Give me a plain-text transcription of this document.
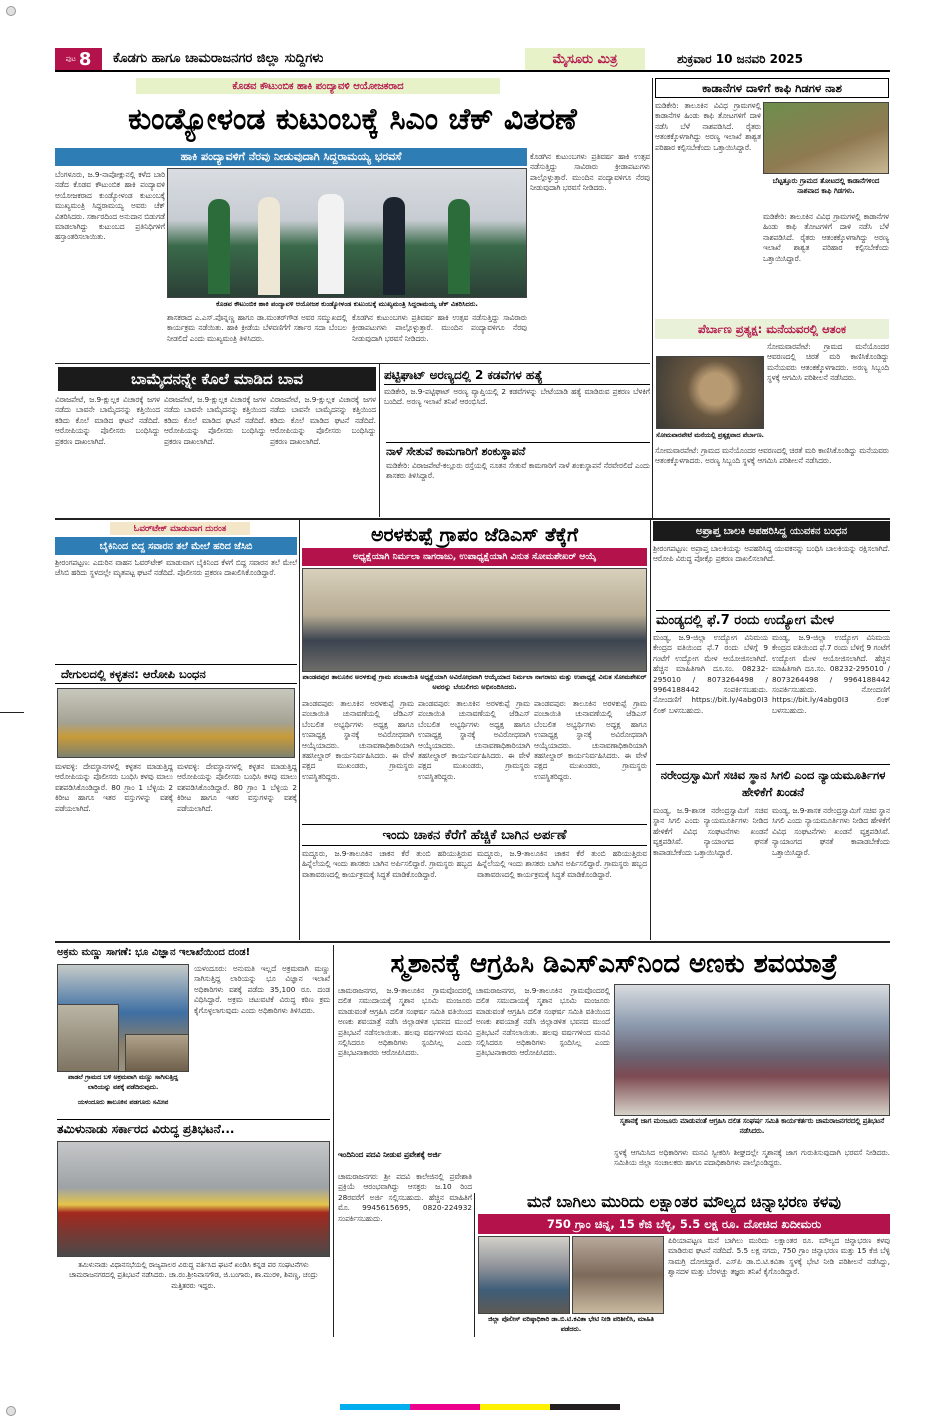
ಪುಟ 8 ಕೊಡಗು ಹಾಗೂ ಚಾಮರಾಜನಗರ ಜಿಲ್ಲಾ ಸುದ್ದಿಗಳು	ಮೈಸೂರು ಮಿತ್ರ	ಶುಕ್ರವಾರ 10 ಜನವರಿ 2025
ಕೊಡವ ಕೌಟುಂಬಿಕ ಹಾಕಿ ಪಂದ್ಯಾವಳಿ ಆಯೋಜಕರಾದ
ಕುಂಡ್ಯೋಳಂಡ ಕುಟುಂಬಕ್ಕೆ ಸಿಎಂ ಚೆಕ್ ವಿತರಣೆ
ಹಾಕಿ ಪಂದ್ಯಾವಳಿಗೆ ನೆರವು ನೀಡುವುದಾಗಿ ಸಿದ್ದರಾಮಯ್ಯ ಭರವಸೆ
ಬೆಂಗಳೂರು, ಜ.9-ನಾಪೋಕ್ಲುನಲ್ಲಿ ಕಳೆದ ಬಾರಿ ನಡೆದ ಕೊಡವ ಕೌಟುಂಬಿಕ ಹಾಕಿ ಪಂದ್ಯಾವಳಿ ಆಯೋಜಕರಾದ ಕುಂಡ್ಯೋಳಂಡ ಕುಟುಂಬಕ್ಕೆ ಮುಖ್ಯಮಂತ್ರಿ ಸಿದ್ದರಾಮಯ್ಯ ಅವರು ಚೆಕ್ ವಿತರಿಸಿದರು. ಸರ್ಕಾರದಿಂದ ಅನುದಾನ ಬಿಡುಗಡೆ ಮಾಡಲಾಗಿದ್ದು ಕುಟುಂಬದ ಪ್ರತಿನಿಧಿಗಳಿಗೆ ಹಸ್ತಾಂತರಿಸಲಾಯಿತು.
ಕೊಡವ ಕೌಟುಂಬಿಕ ಹಾಕಿ ಪಂದ್ಯಾವಳಿ ಆಯೋಜಕ ಕುಂಡ್ಯೋಳಂಡ ಕುಟುಂಬಕ್ಕೆ ಮುಖ್ಯಮಂತ್ರಿ ಸಿದ್ದರಾಮಯ್ಯ ಚೆಕ್ ವಿತರಿಸಿದರು.
ಶಾಸಕರಾದ ಎ.ಎಸ್.ಪೊನ್ನಣ್ಣ ಹಾಗೂ ಡಾ.ಮಂತರ್‌ಗೌಡ ಅವರ ಸಮ್ಮುಖದಲ್ಲಿ ಕಾರ್ಯಕ್ರಮ ನಡೆಯಿತು. ಹಾಕಿ ಕ್ರೀಡೆಯ ಬೆಳವಣಿಗೆಗೆ ಸರ್ಕಾರ ಸದಾ ಬೆಂಬಲ ನೀಡಲಿದೆ ಎಂದು ಮುಖ್ಯಮಂತ್ರಿ ತಿಳಿಸಿದರು.
ಕೊಡಗಿನ ಕುಟುಂಬಗಳು ಪ್ರತಿವರ್ಷ ಹಾಕಿ ಉತ್ಸವ ನಡೆಸುತ್ತಿದ್ದು ಸಾವಿರಾರು ಕ್ರೀಡಾಪಟುಗಳು ಪಾಲ್ಗೊಳ್ಳುತ್ತಾರೆ. ಮುಂದಿನ ಪಂದ್ಯಾವಳಿಗೂ ನೆರವು ನೀಡುವುದಾಗಿ ಭರವಸೆ ನೀಡಿದರು.
ಕೊಡಗಿನ ಕುಟುಂಬಗಳು ಪ್ರತಿವರ್ಷ ಹಾಕಿ ಉತ್ಸವ ನಡೆಸುತ್ತಿದ್ದು ಸಾವಿರಾರು ಕ್ರೀಡಾಪಟುಗಳು ಪಾಲ್ಗೊಳ್ಳುತ್ತಾರೆ. ಮುಂದಿನ ಪಂದ್ಯಾವಳಿಗೂ ನೆರವು ನೀಡುವುದಾಗಿ ಭರವಸೆ ನೀಡಿದರು.
ಕಾಡಾನೆಗಳ ದಾಳಿಗೆ ಕಾಫಿ ಗಿಡಗಳ ನಾಶ
ಮಡಿಕೇರಿ: ತಾಲೂಕಿನ ವಿವಿಧ ಗ್ರಾಮಗಳಲ್ಲಿ ಕಾಡಾನೆಗಳ ಹಿಂಡು ಕಾಫಿ ತೋಟಗಳಿಗೆ ದಾಳಿ ನಡೆಸಿ ಬೆಳೆ ನಾಶಪಡಿಸಿದೆ. ರೈತರು ಆತಂಕಕ್ಕೊಳಗಾಗಿದ್ದು ಅರಣ್ಯ ಇಲಾಖೆ ಶಾಶ್ವತ ಪರಿಹಾರ ಕಲ್ಪಿಸಬೇಕೆಂದು ಒತ್ತಾಯಿಸಿದ್ದಾರೆ.
ಬೆಟ್ಟತ್ತೂರು ಗ್ರಾಮದ ತೋಟದಲ್ಲಿ ಕಾಡಾನೆಗಳಿಂದ ನಾಶವಾದ ಕಾಫಿ ಗಿಡಗಳು.
ಮಡಿಕೇರಿ: ತಾಲೂಕಿನ ವಿವಿಧ ಗ್ರಾಮಗಳಲ್ಲಿ ಕಾಡಾನೆಗಳ ಹಿಂಡು ಕಾಫಿ ತೋಟಗಳಿಗೆ ದಾಳಿ ನಡೆಸಿ ಬೆಳೆ ನಾಶಪಡಿಸಿದೆ. ರೈತರು ಆತಂಕಕ್ಕೊಳಗಾಗಿದ್ದು ಅರಣ್ಯ ಇಲಾಖೆ ಶಾಶ್ವತ ಪರಿಹಾರ ಕಲ್ಪಿಸಬೇಕೆಂದು ಒತ್ತಾಯಿಸಿದ್ದಾರೆ.
ಪೆರ್ಬಾಣ ಪ್ರತ್ಯಕ್ಷ: ಮನೆಯವರಲ್ಲಿ ಆತಂಕ
ಸೋಮವಾರಪೇಟೆ ಮನೆಯಲ್ಲಿ ಪ್ರತ್ಯಕ್ಷವಾದ ಪೆರ್ಬಾಣ.
ಸೋಮವಾರಪೇಟೆ: ಗ್ರಾಮದ ಮನೆಯೊಂದರ ಆವರಣದಲ್ಲಿ ಚಿರತೆ ಮರಿ ಕಾಣಿಸಿಕೊಂಡಿದ್ದು ಮನೆಯವರು ಆತಂಕಕ್ಕೊಳಗಾದರು. ಅರಣ್ಯ ಸಿಬ್ಬಂದಿ ಸ್ಥಳಕ್ಕೆ ಆಗಮಿಸಿ ಪರಿಶೀಲನೆ ನಡೆಸಿದರು.
ಸೋಮವಾರಪೇಟೆ: ಗ್ರಾಮದ ಮನೆಯೊಂದರ ಆವರಣದಲ್ಲಿ ಚಿರತೆ ಮರಿ ಕಾಣಿಸಿಕೊಂಡಿದ್ದು ಮನೆಯವರು ಆತಂಕಕ್ಕೊಳಗಾದರು. ಅರಣ್ಯ ಸಿಬ್ಬಂದಿ ಸ್ಥಳಕ್ಕೆ ಆಗಮಿಸಿ ಪರಿಶೀಲನೆ ನಡೆಸಿದರು.
ಬಾಮೈದನನ್ನೇ ಕೊಲೆ ಮಾಡಿದ ಬಾವ
ವಿರಾಜಪೇಟೆ, ಜ.9-ಕ್ಷುಲ್ಲಕ ವಿಚಾರಕ್ಕೆ ಜಗಳ ನಡೆದು ಬಾವನೇ ಬಾಮೈದನನ್ನು ಕತ್ತಿಯಿಂದ ಕಡಿದು ಕೊಲೆ ಮಾಡಿದ ಘಟನೆ ನಡೆದಿದೆ. ಆರೋಪಿಯನ್ನು ಪೊಲೀಸರು ಬಂಧಿಸಿದ್ದು ಪ್ರಕರಣ ದಾಖಲಾಗಿದೆ.
ವಿರಾಜಪೇಟೆ, ಜ.9-ಕ್ಷುಲ್ಲಕ ವಿಚಾರಕ್ಕೆ ಜಗಳ ನಡೆದು ಬಾವನೇ ಬಾಮೈದನನ್ನು ಕತ್ತಿಯಿಂದ ಕಡಿದು ಕೊಲೆ ಮಾಡಿದ ಘಟನೆ ನಡೆದಿದೆ. ಆರೋಪಿಯನ್ನು ಪೊಲೀಸರು ಬಂಧಿಸಿದ್ದು ಪ್ರಕರಣ ದಾಖಲಾಗಿದೆ.
ವಿರಾಜಪೇಟೆ, ಜ.9-ಕ್ಷುಲ್ಲಕ ವಿಚಾರಕ್ಕೆ ಜಗಳ ನಡೆದು ಬಾವನೇ ಬಾಮೈದನನ್ನು ಕತ್ತಿಯಿಂದ ಕಡಿದು ಕೊಲೆ ಮಾಡಿದ ಘಟನೆ ನಡೆದಿದೆ. ಆರೋಪಿಯನ್ನು ಪೊಲೀಸರು ಬಂಧಿಸಿದ್ದು ಪ್ರಕರಣ ದಾಖಲಾಗಿದೆ.
ಪಟ್ಟಿಘಾಟ್ ಅರಣ್ಯದಲ್ಲಿ 2 ಕಡವೆಗಳ ಹತ್ಯೆ
ಮಡಿಕೇರಿ, ಜ.9-ಪಟ್ಟಿಘಾಟ್ ಅರಣ್ಯ ವ್ಯಾಪ್ತಿಯಲ್ಲಿ 2 ಕಡವೆಗಳನ್ನು ಬೇಟೆಯಾಡಿ ಹತ್ಯೆ ಮಾಡಿರುವ ಪ್ರಕರಣ ಬೆಳಕಿಗೆ ಬಂದಿದೆ. ಅರಣ್ಯ ಇಲಾಖೆ ತನಿಖೆ ಆರಂಭಿಸಿದೆ.
ನಾಳೆ ಸೇತುವೆ ಕಾಮಗಾರಿಗೆ ಶಂಕುಸ್ಥಾಪನೆ
ಮಡಿಕೇರಿ: ವಿರಾಜಪೇಟೆ-ಕಲ್ಲೂರು ರಸ್ತೆಯಲ್ಲಿ ನೂತನ ಸೇತುವೆ ಕಾಮಗಾರಿಗೆ ನಾಳೆ ಶಂಕುಸ್ಥಾಪನೆ ನೆರವೇರಲಿದೆ ಎಂದು ಶಾಸಕರು ತಿಳಿಸಿದ್ದಾರೆ.
ಓವರ್‌ಟೇಕ್ ಮಾಡುವಾಗ ದುರಂತ
ಬೈಕಿನಿಂದ ಬಿದ್ದ ಸವಾರನ ತಲೆ ಮೇಲೆ ಹರಿದ ಜೆಸಿಬಿ
ಶ್ರೀರಂಗಪಟ್ಟಣ: ಎದುರಿನ ವಾಹನ ಓವರ್‌ಟೇಕ್ ಮಾಡುವಾಗ ಬೈಕಿನಿಂದ ಕೆಳಗೆ ಬಿದ್ದ ಸವಾರನ ತಲೆ ಮೇಲೆ ಜೆಸಿಬಿ ಹರಿದು ಸ್ಥಳದಲ್ಲೇ ಮೃತಪಟ್ಟ ಘಟನೆ ನಡೆದಿದೆ. ಪೊಲೀಸರು ಪ್ರಕರಣ ದಾಖಲಿಸಿಕೊಂಡಿದ್ದಾರೆ.
ದೇಗುಲದಲ್ಲಿ ಕಳ್ಳತನ: ಆರೋಪಿ ಬಂಧನ
ಮಳವಳ್ಳಿ: ದೇವಸ್ಥಾನಗಳಲ್ಲಿ ಕಳ್ಳತನ ಮಾಡುತ್ತಿದ್ದ ಆರೋಪಿಯನ್ನು ಪೊಲೀಸರು ಬಂಧಿಸಿ ಕಳವು ಮಾಲು ವಶಪಡಿಸಿಕೊಂಡಿದ್ದಾರೆ. 80 ಗ್ರಾಂ 1 ಬೆಳ್ಳಿಯ 2 ಕಿರೀಟ ಹಾಗೂ ಇತರ ವಸ್ತುಗಳನ್ನು ವಶಕ್ಕೆ ಪಡೆಯಲಾಗಿದೆ.
ಮಳವಳ್ಳಿ: ದೇವಸ್ಥಾನಗಳಲ್ಲಿ ಕಳ್ಳತನ ಮಾಡುತ್ತಿದ್ದ ಆರೋಪಿಯನ್ನು ಪೊಲೀಸರು ಬಂಧಿಸಿ ಕಳವು ಮಾಲು ವಶಪಡಿಸಿಕೊಂಡಿದ್ದಾರೆ. 80 ಗ್ರಾಂ 1 ಬೆಳ್ಳಿಯ 2 ಕಿರೀಟ ಹಾಗೂ ಇತರ ವಸ್ತುಗಳನ್ನು ವಶಕ್ಕೆ ಪಡೆಯಲಾಗಿದೆ.
ಅರಳಕುಪ್ಪೆ ಗ್ರಾಪಂ ಜೆಡಿಎಸ್ ತೆಕ್ಕೆಗೆ
ಅಧ್ಯಕ್ಷೆಯಾಗಿ ನಿರ್ಮಲಾ ನಾಗರಾಜು, ಉಪಾಧ್ಯಕ್ಷೆಯಾಗಿ ವಿನುತ ಸೋಮಶೇಖರ್ ಆಯ್ಕೆ
ಪಾಂಡವಪುರ ತಾಲೂಕಿನ ಅರಳಕುಪ್ಪೆ ಗ್ರಾಮ ಪಂಚಾಯಿತಿ ಅಧ್ಯಕ್ಷೆಯಾಗಿ ಅವಿರೋಧವಾಗಿ ಆಯ್ಕೆಯಾದ ನಿರ್ಮಲಾ ನಾಗರಾಜು ಮತ್ತು ಉಪಾಧ್ಯಕ್ಷೆ ವಿನುತ ಸೋಮಶೇಖರ್ ಅವರನ್ನು ಬೆಂಬಲಿಗರು ಅಭಿನಂದಿಸಿದರು.
ಪಾಂಡವಪುರ: ತಾಲೂಕಿನ ಅರಳಕುಪ್ಪೆ ಗ್ರಾಮ ಪಂಚಾಯಿತಿ ಚುನಾವಣೆಯಲ್ಲಿ ಜೆಡಿಎಸ್ ಬೆಂಬಲಿತ ಅಭ್ಯರ್ಥಿಗಳು ಅಧ್ಯಕ್ಷ ಹಾಗೂ ಉಪಾಧ್ಯಕ್ಷ ಸ್ಥಾನಕ್ಕೆ ಅವಿರೋಧವಾಗಿ ಆಯ್ಕೆಯಾದರು. ಚುನಾವಣಾಧಿಕಾರಿಯಾಗಿ ತಹಸೀಲ್ದಾರ್ ಕಾರ್ಯನಿರ್ವಹಿಸಿದರು. ಈ ವೇಳೆ ಪಕ್ಷದ ಮುಖಂಡರು, ಗ್ರಾಮಸ್ಥರು ಉಪಸ್ಥಿತರಿದ್ದರು.
ಪಾಂಡವಪುರ: ತಾಲೂಕಿನ ಅರಳಕುಪ್ಪೆ ಗ್ರಾಮ ಪಂಚಾಯಿತಿ ಚುನಾವಣೆಯಲ್ಲಿ ಜೆಡಿಎಸ್ ಬೆಂಬಲಿತ ಅಭ್ಯರ್ಥಿಗಳು ಅಧ್ಯಕ್ಷ ಹಾಗೂ ಉಪಾಧ್ಯಕ್ಷ ಸ್ಥಾನಕ್ಕೆ ಅವಿರೋಧವಾಗಿ ಆಯ್ಕೆಯಾದರು. ಚುನಾವಣಾಧಿಕಾರಿಯಾಗಿ ತಹಸೀಲ್ದಾರ್ ಕಾರ್ಯನಿರ್ವಹಿಸಿದರು. ಈ ವೇಳೆ ಪಕ್ಷದ ಮುಖಂಡರು, ಗ್ರಾಮಸ್ಥರು ಉಪಸ್ಥಿತರಿದ್ದರು.
ಪಾಂಡವಪುರ: ತಾಲೂಕಿನ ಅರಳಕುಪ್ಪೆ ಗ್ರಾಮ ಪಂಚಾಯಿತಿ ಚುನಾವಣೆಯಲ್ಲಿ ಜೆಡಿಎಸ್ ಬೆಂಬಲಿತ ಅಭ್ಯರ್ಥಿಗಳು ಅಧ್ಯಕ್ಷ ಹಾಗೂ ಉಪಾಧ್ಯಕ್ಷ ಸ್ಥಾನಕ್ಕೆ ಅವಿರೋಧವಾಗಿ ಆಯ್ಕೆಯಾದರು. ಚುನಾವಣಾಧಿಕಾರಿಯಾಗಿ ತಹಸೀಲ್ದಾರ್ ಕಾರ್ಯನಿರ್ವಹಿಸಿದರು. ಈ ವೇಳೆ ಪಕ್ಷದ ಮುಖಂಡರು, ಗ್ರಾಮಸ್ಥರು ಉಪಸ್ಥಿತರಿದ್ದರು.
ಇಂದು ಚಾಕನ ಕೆರೆಗೆ ಹೆಚ್ಚಿಕೆ ಬಾಗಿನ ಅರ್ಪಣೆ
ಮದ್ದೂರು, ಜ.9-ತಾಲೂಕಿನ ಚಾಕನ ಕೆರೆ ತುಂಬಿ ಹರಿಯುತ್ತಿರುವ ಹಿನ್ನೆಲೆಯಲ್ಲಿ ಇಂದು ಶಾಸಕರು ಬಾಗಿನ ಅರ್ಪಿಸಲಿದ್ದಾರೆ. ಗ್ರಾಮಸ್ಥರು ಹಬ್ಬದ ವಾತಾವರಣದಲ್ಲಿ ಕಾರ್ಯಕ್ರಮಕ್ಕೆ ಸಿದ್ಧತೆ ಮಾಡಿಕೊಂಡಿದ್ದಾರೆ.
ಮದ್ದೂರು, ಜ.9-ತಾಲೂಕಿನ ಚಾಕನ ಕೆರೆ ತುಂಬಿ ಹರಿಯುತ್ತಿರುವ ಹಿನ್ನೆಲೆಯಲ್ಲಿ ಇಂದು ಶಾಸಕರು ಬಾಗಿನ ಅರ್ಪಿಸಲಿದ್ದಾರೆ. ಗ್ರಾಮಸ್ಥರು ಹಬ್ಬದ ವಾತಾವರಣದಲ್ಲಿ ಕಾರ್ಯಕ್ರಮಕ್ಕೆ ಸಿದ್ಧತೆ ಮಾಡಿಕೊಂಡಿದ್ದಾರೆ.
ಅಪ್ರಾಪ್ತ ಬಾಲಕಿ ಅಪಹರಿಸಿದ್ದ ಯುವಕನ ಬಂಧನ
ಶ್ರೀರಂಗಪಟ್ಟಣ: ಅಪ್ರಾಪ್ತ ಬಾಲಕಿಯನ್ನು ಅಪಹರಿಸಿದ್ದ ಯುವಕನನ್ನು ಬಂಧಿಸಿ ಬಾಲಕಿಯನ್ನು ರಕ್ಷಿಸಲಾಗಿದೆ. ಆರೋಪಿ ವಿರುದ್ಧ ಪೋಕ್ಸೊ ಪ್ರಕರಣ ದಾಖಲಿಸಲಾಗಿದೆ.
ಮಂಡ್ಯದಲ್ಲಿ ಫೆ.7 ರಂದು ಉದ್ಯೋಗ ಮೇಳ
ಮಂಡ್ಯ, ಜ.9-ಜಿಲ್ಲಾ ಉದ್ಯೋಗ ವಿನಿಮಯ ಕೇಂದ್ರದ ವತಿಯಿಂದ ಫೆ.7 ರಂದು ಬೆಳಿಗ್ಗೆ 9 ಗಂಟೆಗೆ ಉದ್ಯೋಗ ಮೇಳ ಆಯೋಜಿಸಲಾಗಿದೆ. ಹೆಚ್ಚಿನ ಮಾಹಿತಿಗಾಗಿ ದೂ.ಸಂ. 08232-295010 / 8073264498 / 9964188442 ಸಂಪರ್ಕಿಸಬಹುದು. ನೋಂದಣಿಗೆ https://bit.ly/4abg0I3 ಲಿಂಕ್ ಬಳಸಬಹುದು.
ಮಂಡ್ಯ, ಜ.9-ಜಿಲ್ಲಾ ಉದ್ಯೋಗ ವಿನಿಮಯ ಕೇಂದ್ರದ ವತಿಯಿಂದ ಫೆ.7 ರಂದು ಬೆಳಿಗ್ಗೆ 9 ಗಂಟೆಗೆ ಉದ್ಯೋಗ ಮೇಳ ಆಯೋಜಿಸಲಾಗಿದೆ. ಹೆಚ್ಚಿನ ಮಾಹಿತಿಗಾಗಿ ದೂ.ಸಂ. 08232-295010 / 8073264498 / 9964188442 ಸಂಪರ್ಕಿಸಬಹುದು. ನೋಂದಣಿಗೆ https://bit.ly/4abg0I3 ಲಿಂಕ್ ಬಳಸಬಹುದು.
ನರೇಂದ್ರಸ್ವಾಮಿಗೆ ಸಚಿವ ಸ್ಥಾನ ಸಿಗಲಿ ಎಂದ ನ್ಯಾಯಮೂರ್ತಿಗಳ ಹೇಳಿಕೆಗೆ ಖಂಡನೆ
ಮಂಡ್ಯ, ಜ.9-ಶಾಸಕ ನರೇಂದ್ರಸ್ವಾಮಿಗೆ ಸಚಿವ ಸ್ಥಾನ ಸಿಗಲಿ ಎಂದು ನ್ಯಾಯಮೂರ್ತಿಗಳು ನೀಡಿದ ಹೇಳಿಕೆಗೆ ವಿವಿಧ ಸಂಘಟನೆಗಳು ಖಂಡನೆ ವ್ಯಕ್ತಪಡಿಸಿವೆ. ನ್ಯಾಯಾಂಗದ ಘನತೆ ಕಾಪಾಡಬೇಕೆಂದು ಒತ್ತಾಯಿಸಿದ್ದಾರೆ.
ಮಂಡ್ಯ, ಜ.9-ಶಾಸಕ ನರೇಂದ್ರಸ್ವಾಮಿಗೆ ಸಚಿವ ಸ್ಥಾನ ಸಿಗಲಿ ಎಂದು ನ್ಯಾಯಮೂರ್ತಿಗಳು ನೀಡಿದ ಹೇಳಿಕೆಗೆ ವಿವಿಧ ಸಂಘಟನೆಗಳು ಖಂಡನೆ ವ್ಯಕ್ತಪಡಿಸಿವೆ. ನ್ಯಾಯಾಂಗದ ಘನತೆ ಕಾಪಾಡಬೇಕೆಂದು ಒತ್ತಾಯಿಸಿದ್ದಾರೆ.
ಅಕ್ರಮ ಮಣ್ಣು ಸಾಗಣೆ: ಭೂ ವಿಜ್ಞಾನ ಇಲಾಖೆಯಿಂದ ದಂಡ!
ಪಾಡಲೆ ಗ್ರಾಮದ ಬಳಿ ಅಕ್ರಮವಾಗಿ ಮಣ್ಣು ಸಾಗಿಸುತ್ತಿದ್ದ ಲಾರಿಯನ್ನು ವಶಕ್ಕೆ ಪಡೆದಿರುವುದು.
ಯಳಂದೂರು ತಾಲೂಕಿನ ಪಡಗೂರು ಸಮೀಪ
ಯಳಂದೂರು: ಅನುಮತಿ ಇಲ್ಲದೆ ಅಕ್ರಮವಾಗಿ ಮಣ್ಣು ಸಾಗಿಸುತ್ತಿದ್ದ ಲಾರಿಯನ್ನು ಭೂ ವಿಜ್ಞಾನ ಇಲಾಖೆ ಅಧಿಕಾರಿಗಳು ವಶಕ್ಕೆ ಪಡೆದು 35,100 ರೂ. ದಂಡ ವಿಧಿಸಿದ್ದಾರೆ. ಅಕ್ರಮ ಚಟುವಟಿಕೆ ವಿರುದ್ಧ ಕಠಿಣ ಕ್ರಮ ಕೈಗೊಳ್ಳಲಾಗುವುದು ಎಂದು ಅಧಿಕಾರಿಗಳು ತಿಳಿಸಿದರು.
ತಮಿಳುನಾಡು ಸರ್ಕಾರದ ವಿರುದ್ಧ ಪ್ರತಿಭಟನೆ...
ತಮಿಳುನಾಡು ವಿಧಾನಸಭೆಯಲ್ಲಿ ರಾಜ್ಯಪಾಲರ ವಿರುದ್ಧ ವರ್ತಿಸಿದ ಘಟನೆ ಖಂಡಿಸಿ ಕನ್ನಡ ಪರ ಸಂಘಟನೆಗಳು ಚಾಮರಾಜನಗರದಲ್ಲಿ ಪ್ರತಿಭಟನೆ ನಡೆಸಿದರು. ಚಾ.ರಂ.ಶ್ರೀನಿವಾಸಗೌಡ, ಜಿ.ಬಂಗಾರು, ಶಾ.ಮುರಳಿ, ಶಿವಣ್ಣ, ಚಂದ್ರು ಮತ್ತಿತರರು ಇದ್ದರು.
ಸ್ಮಶಾನಕ್ಕೆ ಆಗ್ರಹಿಸಿ ಡಿಎಸ್‌ಎಸ್‌ನಿಂದ ಅಣಕು ಶವಯಾತ್ರೆ
ಚಾಮರಾಜನಗರ, ಜ.9-ತಾಲೂಕಿನ ಗ್ರಾಮವೊಂದರಲ್ಲಿ ದಲಿತ ಸಮುದಾಯಕ್ಕೆ ಸ್ಮಶಾನ ಭೂಮಿ ಮಂಜೂರು ಮಾಡುವಂತೆ ಆಗ್ರಹಿಸಿ ದಲಿತ ಸಂಘರ್ಷ ಸಮಿತಿ ವತಿಯಿಂದ ಅಣಕು ಶವಯಾತ್ರೆ ನಡೆಸಿ ಜಿಲ್ಲಾಡಳಿತ ಭವನದ ಮುಂದೆ ಪ್ರತಿಭಟನೆ ನಡೆಸಲಾಯಿತು. ಹಲವು ವರ್ಷಗಳಿಂದ ಮನವಿ ಸಲ್ಲಿಸಿದರೂ ಅಧಿಕಾರಿಗಳು ಸ್ಪಂದಿಸಿಲ್ಲ ಎಂದು ಪ್ರತಿಭಟನಾಕಾರರು ಆರೋಪಿಸಿದರು.
ಚಾಮರಾಜನಗರ, ಜ.9-ತಾಲೂಕಿನ ಗ್ರಾಮವೊಂದರಲ್ಲಿ ದಲಿತ ಸಮುದಾಯಕ್ಕೆ ಸ್ಮಶಾನ ಭೂಮಿ ಮಂಜೂರು ಮಾಡುವಂತೆ ಆಗ್ರಹಿಸಿ ದಲಿತ ಸಂಘರ್ಷ ಸಮಿತಿ ವತಿಯಿಂದ ಅಣಕು ಶವಯಾತ್ರೆ ನಡೆಸಿ ಜಿಲ್ಲಾಡಳಿತ ಭವನದ ಮುಂದೆ ಪ್ರತಿಭಟನೆ ನಡೆಸಲಾಯಿತು. ಹಲವು ವರ್ಷಗಳಿಂದ ಮನವಿ ಸಲ್ಲಿಸಿದರೂ ಅಧಿಕಾರಿಗಳು ಸ್ಪಂದಿಸಿಲ್ಲ ಎಂದು ಪ್ರತಿಭಟನಾಕಾರರು ಆರೋಪಿಸಿದರು.
ಸ್ಮಶಾನಕ್ಕೆ ಜಾಗ ಮಂಜೂರು ಮಾಡುವಂತೆ ಆಗ್ರಹಿಸಿ ದಲಿತ ಸಂಘರ್ಷ ಸಮಿತಿ ಕಾರ್ಯಕರ್ತರು ಚಾಮರಾಜನಗರದಲ್ಲಿ ಪ್ರತಿಭಟನೆ ನಡೆಸಿದರು.
ಸ್ಥಳಕ್ಕೆ ಆಗಮಿಸಿದ ಅಧಿಕಾರಿಗಳು ಮನವಿ ಸ್ವೀಕರಿಸಿ ಶೀಘ್ರದಲ್ಲೇ ಸ್ಮಶಾನಕ್ಕೆ ಜಾಗ ಗುರುತಿಸುವುದಾಗಿ ಭರವಸೆ ನೀಡಿದರು. ಸಮಿತಿಯ ಜಿಲ್ಲಾ ಸಂಚಾಲಕರು ಹಾಗೂ ಪದಾಧಿಕಾರಿಗಳು ಪಾಲ್ಗೊಂಡಿದ್ದರು.
ಇಂದಿನಿಂದ ಪದವಿ ನೀಡುವ ಪ್ರವೇಶಕ್ಕೆ ಅರ್ಜಿ
ಚಾಮರಾಜನಗರ: ಶ್ರೀ ಪದವಿ ಕಾಲೇಜಿನಲ್ಲಿ ಪ್ರವೇಶಾತಿ ಪ್ರಕ್ರಿಯೆ ಆರಂಭವಾಗಿದ್ದು ಆಸಕ್ತರು ಜ.10 ರಿಂದ 28ರವರೆಗೆ ಅರ್ಜಿ ಸಲ್ಲಿಸಬಹುದು. ಹೆಚ್ಚಿನ ಮಾಹಿತಿಗೆ ಮೊ. 9945615695, 0820-224932 ಸಂಪರ್ಕಿಸಬಹುದು.
ಮನೆ ಬಾಗಿಲು ಮುರಿದು ಲಕ್ಷಾಂತರ ಮೌಲ್ಯದ ಚಿನ್ನಾಭರಣ ಕಳವು
750 ಗ್ರಾಂ ಚಿನ್ನ, 15 ಕೆಜಿ ಬೆಳ್ಳಿ, 5.5 ಲಕ್ಷ ರೂ. ದೋಚಿದ ಖದೀಮರು
ಜಿಲ್ಲಾ ಪೊಲೀಸ್ ವರಿಷ್ಠಾಧಿಕಾರಿ ಡಾ.ಬಿ.ಟಿ.ಕವಿತಾ ಭೇಟಿ ನೀಡಿ ಪರಿಶೀಲಿಸಿ, ಮಾಹಿತಿ ಪಡೆದರು.
ಪಿರಿಯಾಪಟ್ಟಣ ಮನೆ ಬಾಗಿಲು ಮುರಿದು ಲಕ್ಷಾಂತರ ರೂ. ಮೌಲ್ಯದ ಚಿನ್ನಾಭರಣ ಕಳವು ಮಾಡಿರುವ ಘಟನೆ ನಡೆದಿದೆ. 5.5 ಲಕ್ಷ ನಗದು, 750 ಗ್ರಾಂ ಚಿನ್ನಾಭರಣ ಮತ್ತು 15 ಕೆಜಿ ಬೆಳ್ಳಿ ಸಾಮಗ್ರಿ ದೋಚಿದ್ದಾರೆ. ಎಸ್‌ಪಿ ಡಾ.ಬಿ.ಟಿ.ಕವಿತಾ ಸ್ಥಳಕ್ಕೆ ಭೇಟಿ ನೀಡಿ ಪರಿಶೀಲನೆ ನಡೆಸಿದ್ದು, ಶ್ವಾನದಳ ಮತ್ತು ಬೆರಳಚ್ಚು ತಜ್ಞರು ತನಿಖೆ ಕೈಗೊಂಡಿದ್ದಾರೆ.
